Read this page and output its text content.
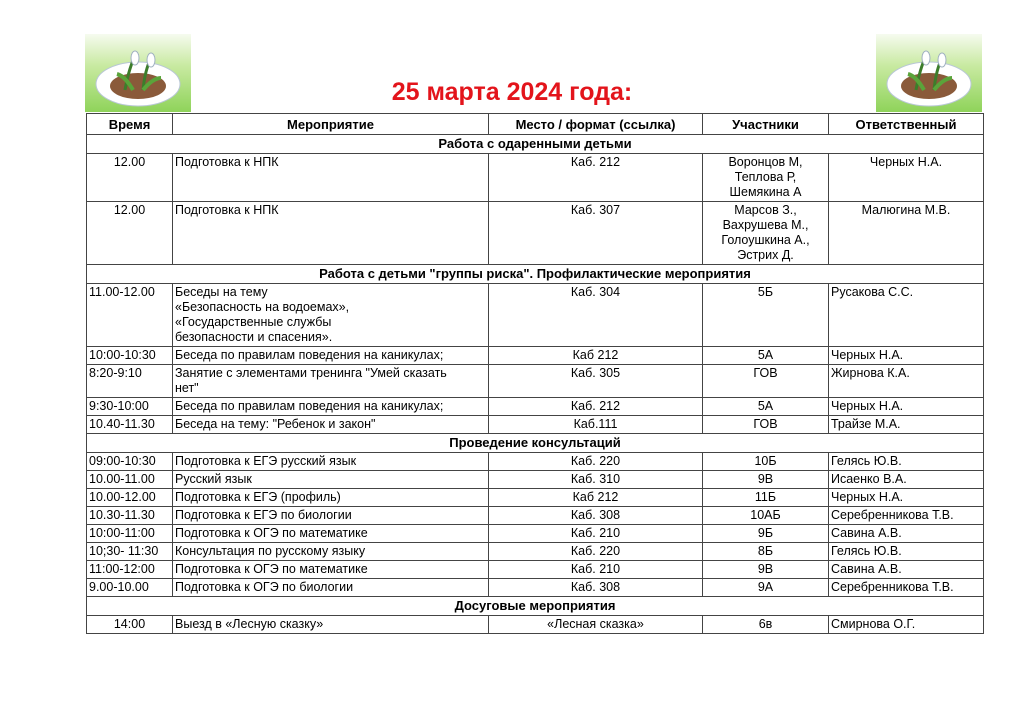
25 марта 2024 года:
Время	Мероприятие	Место / формат (ссылка)	Участники	Ответственный
Работа с одаренными детьми				
12.00	Подготовка к НПК	Каб. 212	Воронцов М,
Теплова Р,
Шемякина А	Черных Н.А.
12.00	Подготовка к НПК	Каб. 307	Марсов З.,
Вахрушева М.,
Голоушкина А.,
Эстрих Д.	Малюгина М.В.
Работа с детьми "группы риска". Профилактические мероприятия				
11.00-12.00	Беседы на тему
«Безопасность на водоемах»,
«Государственные службы
безопасности и спасения».	Каб. 304	5Б	Русакова С.С.
10:00-10:30	Беседа по правилам поведения на каникулах;	Каб 212	5А	Черных Н.А.
8:20-9:10	Занятие с элементами тренинга "Умей сказать
нет"	Каб. 305	ГОВ	Жирнова К.А.
9:30-10:00	Беседа по правилам поведения на каникулах;	Каб. 212	5А	Черных Н.А.
10.40-11.30	Беседа на тему: "Ребенок и закон"	Каб.111	ГОВ	Трайзе М.А.
Проведение консультаций				
09:00-10:30	Подготовка к ЕГЭ русский язык	Каб. 220	10Б	Гелясь Ю.В.
10.00-11.00	Русский язык	Каб. 310	9В	Исаенко В.А.
10.00-12.00	Подготовка к ЕГЭ (профиль)	Каб 212	11Б	Черных Н.А.
10.30-11.30	Подготовка к ЕГЭ по биологии	Каб. 308	10АБ	Серебренникова Т.В.
10:00-11:00	Подготовка к ОГЭ по математике	Каб. 210	9Б	Савина А.В.
10;30- 11:30	Консультация по русскому языку	Каб. 220	8Б	Гелясь Ю.В.
11:00-12:00	Подготовка к ОГЭ по математике	Каб. 210	9В	Савина А.В.
9.00-10.00	Подготовка к ОГЭ по биологии	Каб. 308	9А	Серебренникова Т.В.
Досуговые мероприятия				
14:00	Выезд в «Лесную сказку»	«Лесная сказка»	6в	Смирнова О.Г.
